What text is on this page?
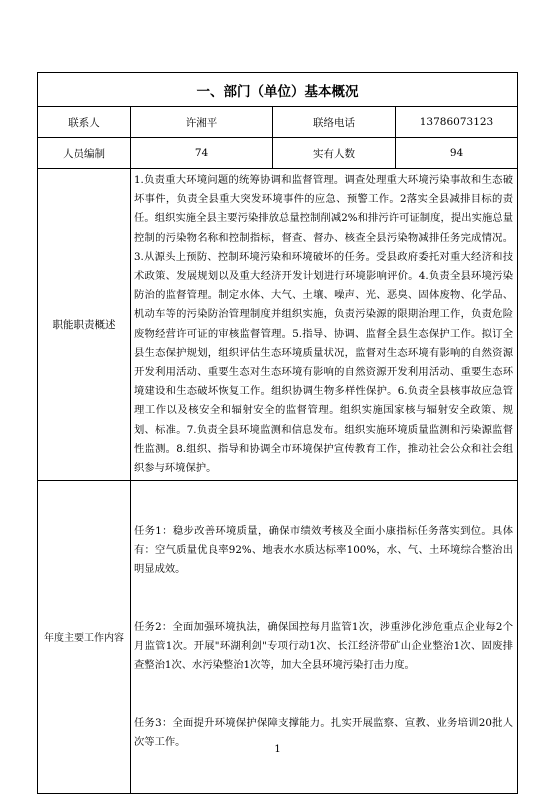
一、部门（单位）基本概况			
联系人	许湘平	联络电话	13786073123
人员编制	74	实有人数	94
职能职责概述	1.负责重大环境问题的统筹协调和监督管理。调查处理重大环境污染事故和生态破坏事件，负责全县重大突发环境事件的应急、预警工作。2落实全县减排目标的责任。组织实施全县主要污染排放总量控制削减2%和排污许可证制度，提出实施总量控制的污染物名称和控制指标，督查、督办、核查全县污染物减排任务完成情况。3.从源头上预防、控制环境污染和环境破坏的任务。受县政府委托对重大经济和技术政策、发展规划以及重大经济开发计划进行环境影响评价。4.负责全县环境污染防治的监督管理。制定水体、大气、土壤、噪声、光、恶臭、固体废物、化学品、机动车等的污染防治管理制度并组织实施，负责污染源的限期治理工作，负责危险废物经营许可证的审核监督管理。5.指导、协调、监督全县生态保护工作。拟订全县生态保护规划，组织评估生态环境质量状况，监督对生态环境有影响的自然资源开发利用活动、重要生态对生态环境有影响的自然资源开发利用活动、重要生态环境建设和生态破坏恢复工作。组织协调生物多样性保护。6.负责全县核事故应急管理工作以及核安全和辐射安全的监督管理。组织实施国家核与辐射安全政策、规划、标准。7.负责全县环境监测和信息发布。组织实施环境质量监测和污染源监督性监测。8.组织、指导和协调全市环境保护宣传教育工作，推动社会公众和社会组织参与环境保护。		
年度主要工作内容	任务1：稳步改善环境质量，确保市绩效考核及全面小康指标任务落实到位。具体有：空气质量优良率92%、地表水水质达标率100%，水、气、土环境综合整治出明显成效。

任务2：全面加强环境执法，确保国控每月监管1次，涉重涉化涉危重点企业每2个月监管1次。开展"环湖利剑"专项行动1次、长江经济带矿山企业整治1次、固废排查整治1次、水污染整治1次等，加大全县环境污染打击力度。

任务3：全面提升环境保护保障支撑能力。扎实开展监察、宣教、业务培训20批人次等工作。		

1
